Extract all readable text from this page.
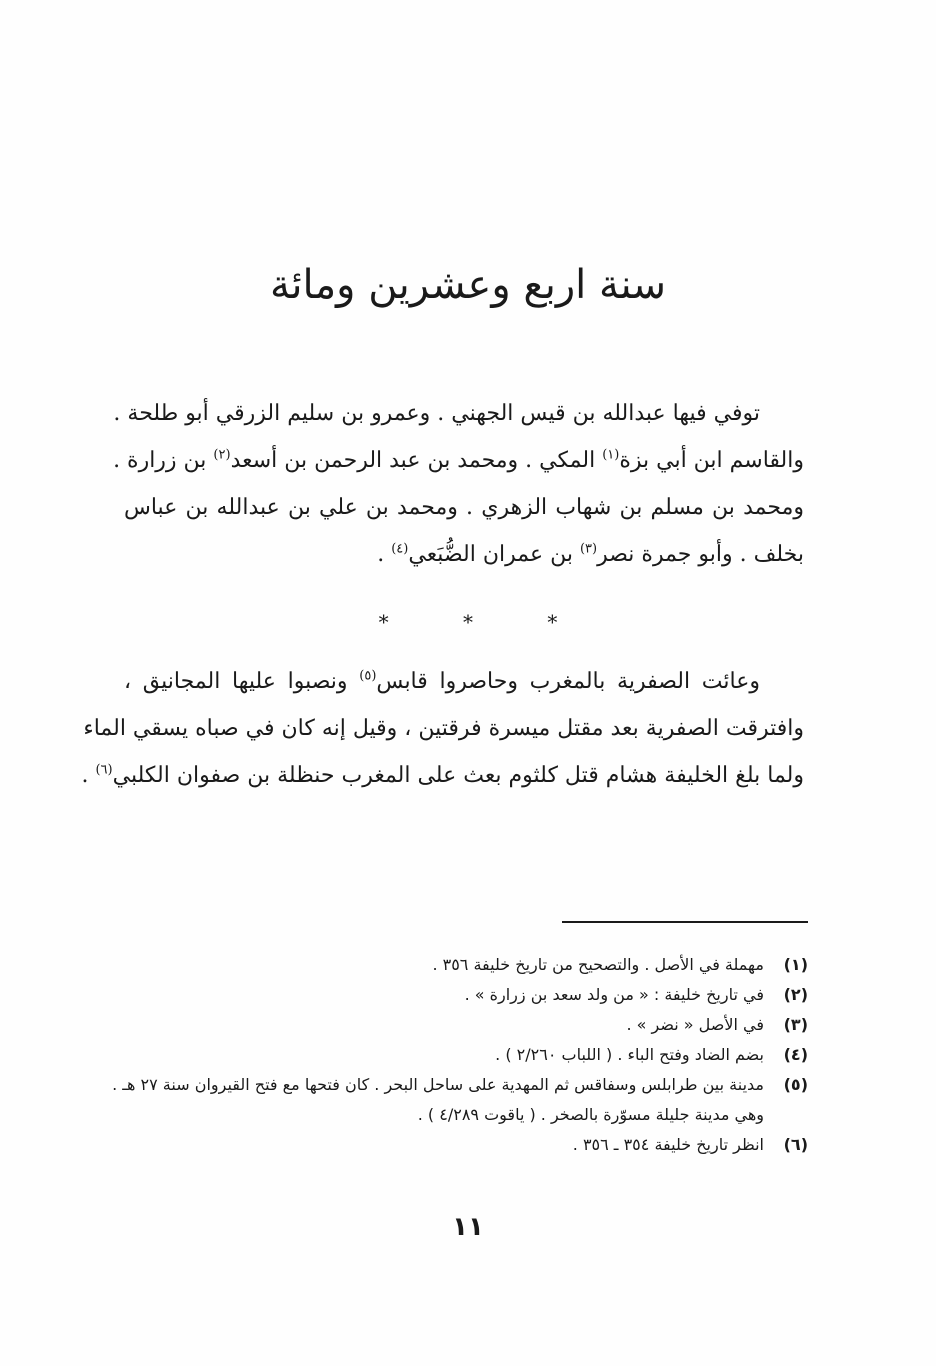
سنة اربع وعشرين ومائة
توفي فيها عبدالله بن قيس الجهني . وعمرو بن سليم الزرقي أبو طلحة .
والقاسم ابن أبي بزة$^{(١)}$ المكي . ومحمد بن عبد الرحمن بن أسعد$^{(٢)}$ بن زرارة .
ومحمد بن مسلم بن شهاب الزهري . ومحمد بن علي بن عبدالله بن عباس
بخلف . وأبو جمرة نصر$^{(٣)}$ بن عمران الضُّبَعي$^{(٤)}$ .
* * *
وعائت الصفرية بالمغرب وحاصروا قابس$^{(٥)}$ ونصبوا عليها المجانيق ،
وافترقت الصفرية بعد مقتل ميسرة فرقتين ، وقيل إنه كان في صباه يسقي الماء
ولما بلغ الخليفة هشام قتل كلثوم بعث على المغرب حنظلة بن صفوان الكلبي$^{(٦)}$ .
(١)
مهملة في الأصل . والتصحيح من تاريخ خليفة ٣٥٦ .
(٢)
في تاريخ خليفة : « من ولد سعد بن زرارة » .
(٣)
في الأصل « نضر » .
(٤)
بضم الضاد وفتح الباء . ( اللباب ٢/٢٦٠ ) .
(٥)
مدينة بين طرابلس وسفاقس ثم المهدية على ساحل البحر . كان فتحها مع فتح القيروان سنة ٢٧ هـ .
وهي مدينة جليلة مسوّرة بالصخر . ( ياقوت ٤/٢٨٩ ) .
(٦)
انظر تاريخ خليفة ٣٥٤ ـ ٣٥٦ .
١١
